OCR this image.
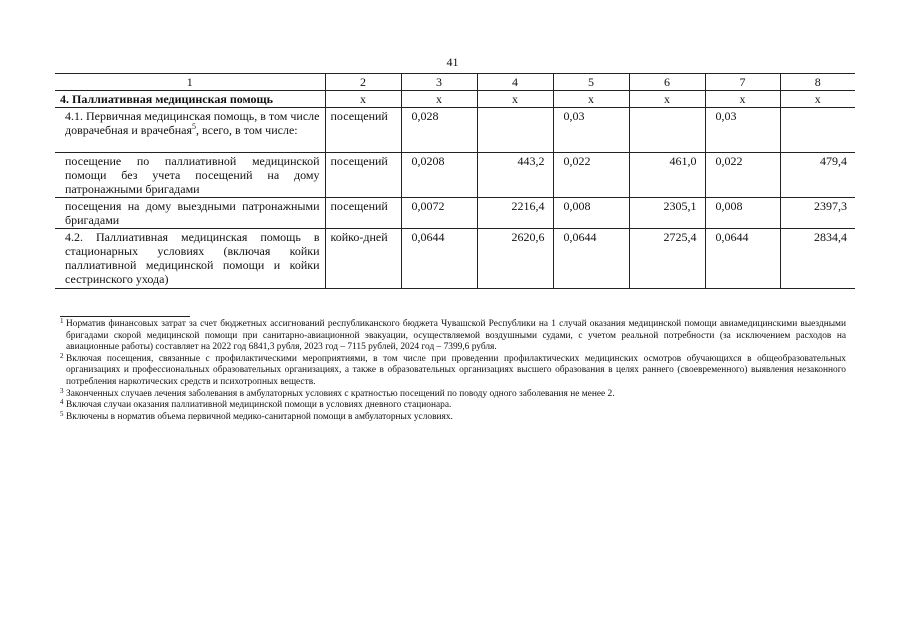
41
1	2	3	4	5	6	7	8
4. Паллиативная медицинская помощь	х	х	х	х	х	х	х
4.1. Первичная медицинская помощь, в том числе доврачебная и врачебная$^5$, всего, в том числе:	посещений	0,028		0,03		0,03	
посещение по паллиативной медицинской помощи без учета посещений на дому патронажными бригадами	посещений	0,0208	443,2	0,022	461,0	0,022	479,4
посещения на дому выездными патронажными бригадами	посещений	0,0072	2216,4	0,008	2305,1	0,008	2397,3
4.2. Паллиативная медицинская помощь в стационарных условиях (включая койки паллиативной медицинской помощи и койки сестринского ухода)	койко-дней	0,0644	2620,6	0,0644	2725,4	0,0644	2834,4
1 Норматив финансовых затрат за счет бюджетных ассигнований республиканского бюджета Чувашской Республики на 1 случай оказания медицинской помощи авиамедицинскими выездными бригадами скорой медицинской помощи при санитарно-авиационной эвакуации, осуществляемой воздушными судами, с учетом реальной потребности (за исключением расходов на авиационные работы) составляет на 2022 год 6841,3 рубля, 2023 год – 7115 рублей, 2024 год – 7399,6 рубля.
2 Включая посещения, связанные с профилактическими мероприятиями, в том числе при проведении профилактических медицинских осмотров обучающихся в общеобразовательных организациях и профессиональных образовательных организациях, а также в образовательных организациях высшего образования в целях раннего (своевременного) выявления незаконного потребления наркотических средств и психотропных веществ.
3 Законченных случаев лечения заболевания в амбулаторных условиях с кратностью посещений по поводу одного заболевания не менее 2.
4 Включая случаи оказания паллиативной медицинской помощи в условиях дневного стационара.
5 Включены в норматив объема первичной медико-санитарной помощи в амбулаторных условиях.
